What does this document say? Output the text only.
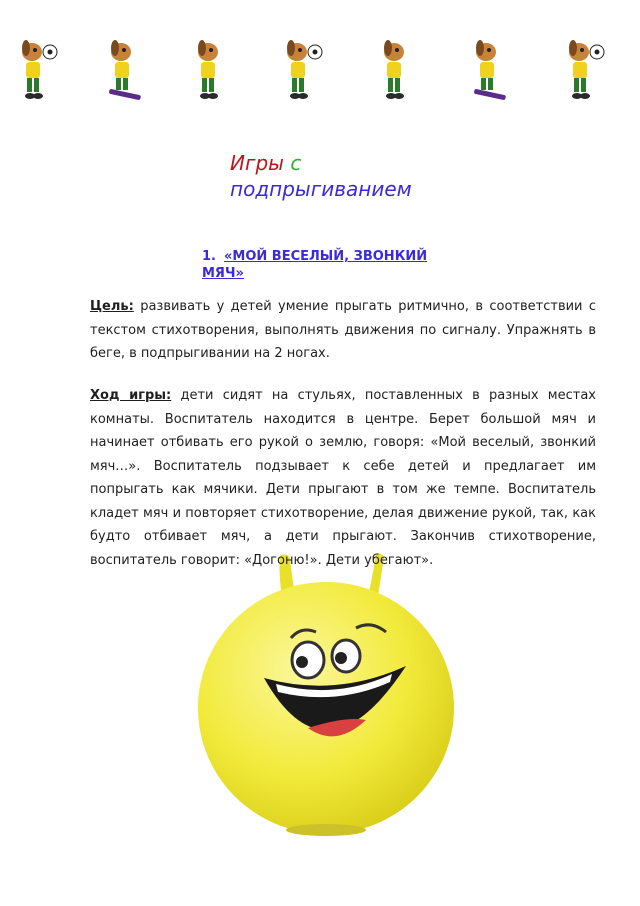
Игры с
подпрыгиванием
1. «МОЙ ВЕСЕЛЫЙ, ЗВОНКИЙ МЯЧ»
Цель: развивать у детей умение прыгать ритмично, в соответствии с текстом стихотворения, выполнять движения по сигналу. Упражнять в беге, в подпрыгивании на 2 ногах.
Ход игры: дети сидят на стульях, поставленных в разных местах комнаты. Воспитатель находится в центре. Берет большой мяч и начинает отбивать его рукой о землю, говоря: «Мой веселый, звонкий мяч…». Воспитатель подзывает к себе детей и предлагает им попрыгать как мячики. Дети прыгают в том же темпе. Воспитатель кладет мяч и повторяет стихотворение, делая движение рукой, так, как будто отбивает мяч, а дети прыгают. Закончив стихотворение, воспитатель говорит: «Догоню!». Дети убегают».
